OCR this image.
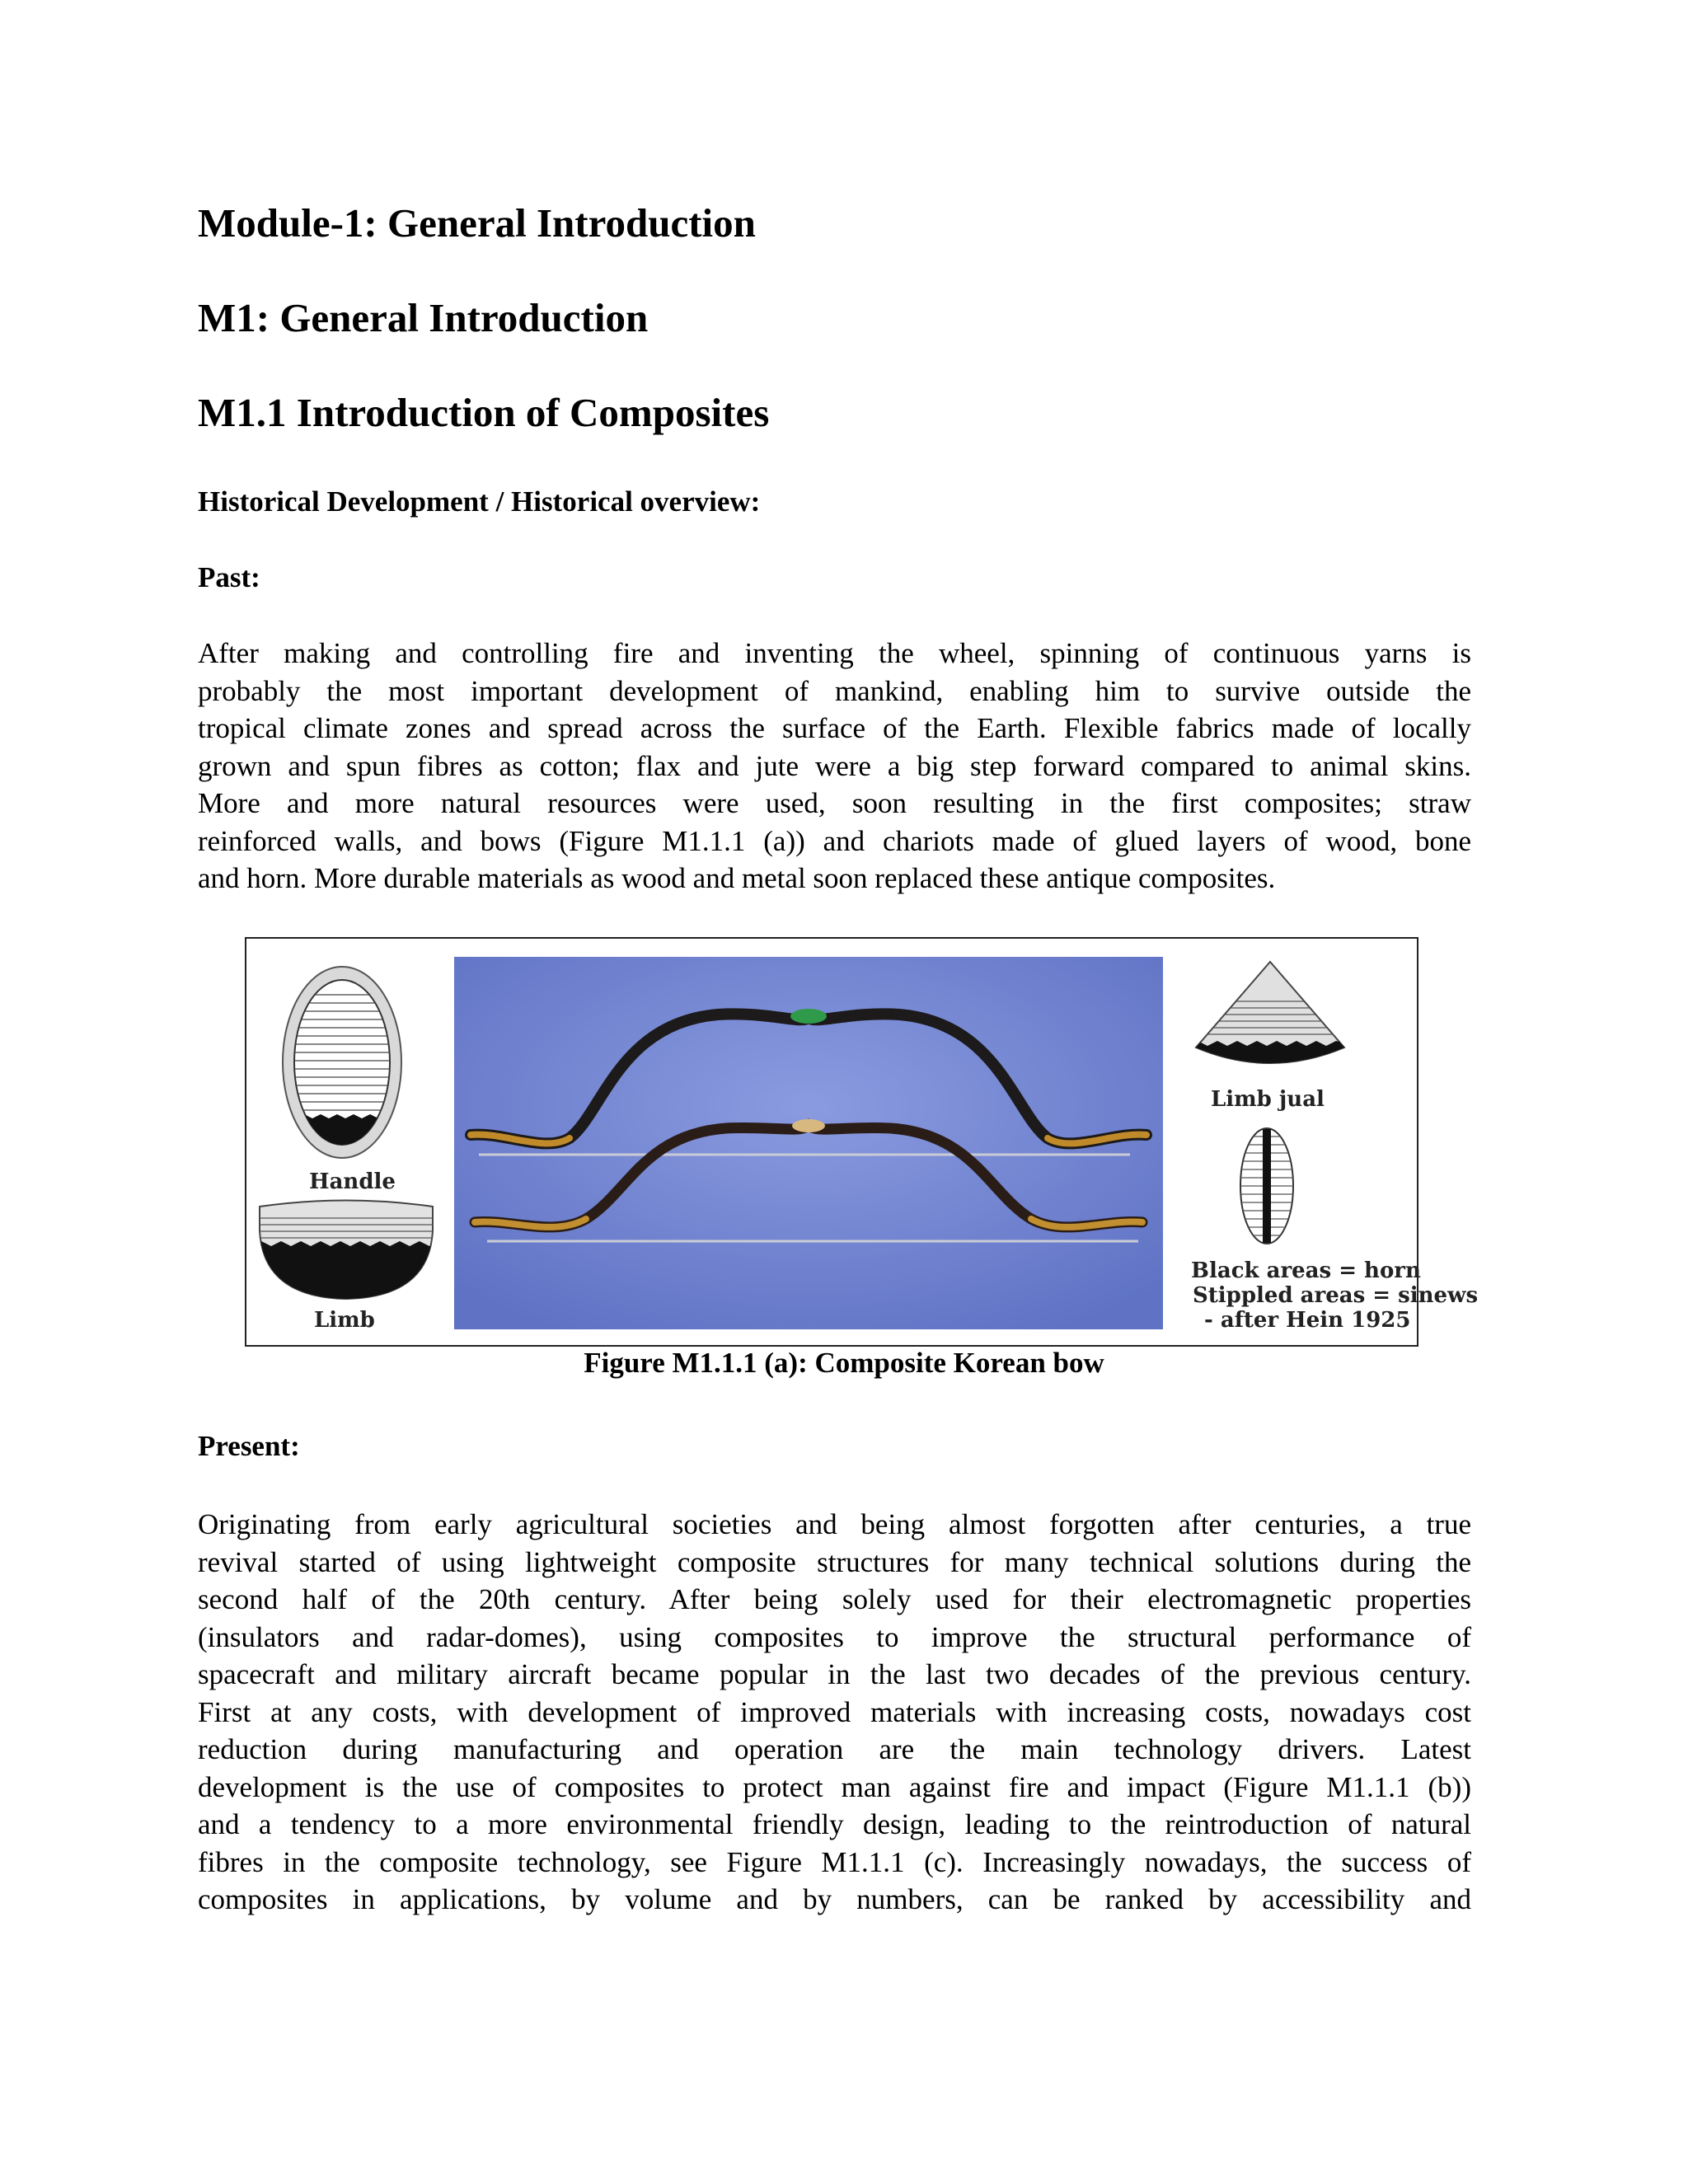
Module-1: General Introduction
M1: General Introduction
M1.1 Introduction of Composites
Historical Development / Historical overview:
Past:
After making and controlling fire and inventing the wheel, spinning of continuous yarns is
probably the most important development of mankind, enabling him to survive outside the
tropical climate zones and spread across the surface of the Earth. Flexible fabrics made of locally
grown and spun fibres as cotton; flax and jute were a big step forward compared to animal skins.
More and more natural resources were used, soon resulting in the first composites; straw
reinforced walls, and bows (Figure M1.1.1 (a)) and chariots made of glued layers of wood, bone
and horn. More durable materials as wood and metal soon replaced these antique composites.
Handle
Limb
Limb jual
Black areas = horn
Stippled areas = sinews
- after Hein 1925

Figure M1.1.1 (a): Composite Korean bow

Present:
Originating from early agricultural societies and being almost forgotten after centuries, a true
revival started of using lightweight composite structures for many technical solutions during the
second half of the 20th century. After being solely used for their electromagnetic properties
(insulators and radar-domes), using composites to improve the structural performance of
spacecraft and military aircraft became popular in the last two decades of the previous century.
First at any costs, with development of improved materials with increasing costs, nowadays cost
reduction during manufacturing and operation are the main technology drivers. Latest
development is the use of composites to protect man against fire and impact (Figure M1.1.1 (b))
and a tendency to a more environmental friendly design, leading to the reintroduction of natural
fibres in the composite technology, see Figure M1.1.1 (c). Increasingly nowadays, the success of
composites in applications, by volume and by numbers, can be ranked by accessibility and
